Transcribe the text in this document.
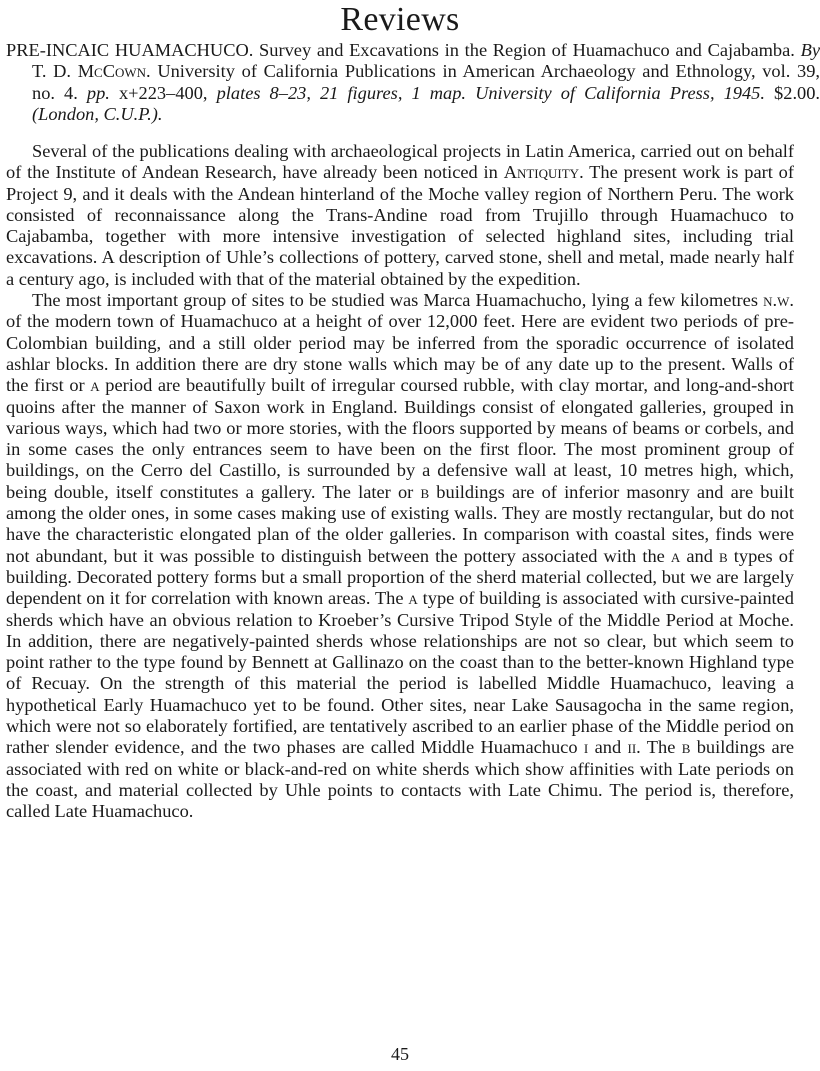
Reviews

PRE-INCAIC HUAMACHUCO. Survey and Excavations in the Region of Huamachuco and Cajabamba. By T. D. McCown. University of California Publications in American Archaeology and Ethnology, vol. 39, no. 4. pp. x+223–400, plates 8–23, 21 figures, 1 map. University of California Press, 1945. $2.00. (London, C.U.P.).

Several of the publications dealing with archaeological projects in Latin America, carried out on behalf of the Institute of Andean Research, have already been noticed in Antiquity. The present work is part of Project 9, and it deals with the Andean hinterland of the Moche valley region of Northern Peru. The work consisted of reconnaissance along the Trans-Andine road from Trujillo through Huamachuco to Cajabamba, together with more intensive investigation of selected highland sites, including trial excavations. A description of Uhle’s collections of pottery, carved stone, shell and metal, made nearly half a century ago, is included with that of the material obtained by the expedition.

The most important group of sites to be studied was Marca Huamachucho, lying a few kilometres n.w. of the modern town of Huamachuco at a height of over 12,000 feet. Here are evident two periods of pre-Colombian building, and a still older period may be inferred from the sporadic occurrence of isolated ashlar blocks. In addition there are dry stone walls which may be of any date up to the present. Walls of the first or a period are beautifully built of irregular coursed rubble, with clay mortar, and long-and-short quoins after the manner of Saxon work in England. Buildings consist of elongated galleries, grouped in various ways, which had two or more stories, with the floors supported by means of beams or corbels, and in some cases the only entrances seem to have been on the first floor. The most prominent group of buildings, on the Cerro del Castillo, is surrounded by a defensive wall at least, 10 metres high, which, being double, itself constitutes a gallery. The later or b buildings are of inferior masonry and are built among the older ones, in some cases making use of existing walls. They are mostly rectangular, but do not have the characteristic elongated plan of the older galleries. In comparison with coastal sites, finds were not abundant, but it was possible to distinguish between the pottery associated with the a and b types of building. Decorated pottery forms but a small proportion of the sherd material collected, but we are largely dependent on it for correlation with known areas. The a type of building is associated with cursive-painted sherds which have an obvious relation to Kroeber’s Cursive Tripod Style of the Middle Period at Moche. In addition, there are negatively-painted sherds whose relationships are not so clear, but which seem to point rather to the type found by Bennett at Gallinazo on the coast than to the better-known Highland type of Recuay. On the strength of this material the period is labelled Middle Huamachuco, leaving a hypothetical Early Huamachuco yet to be found. Other sites, near Lake Sausagocha in the same region, which were not so elaborately fortified, are tentatively ascribed to an earlier phase of the Middle period on rather slender evidence, and the two phases are called Middle Huamachuco i and ii. The b buildings are associated with red on white or black-and-red on white sherds which show affinities with Late periods on the coast, and material collected by Uhle points to contacts with Late Chimu. The period is, therefore, called Late Huamachuco.

45
